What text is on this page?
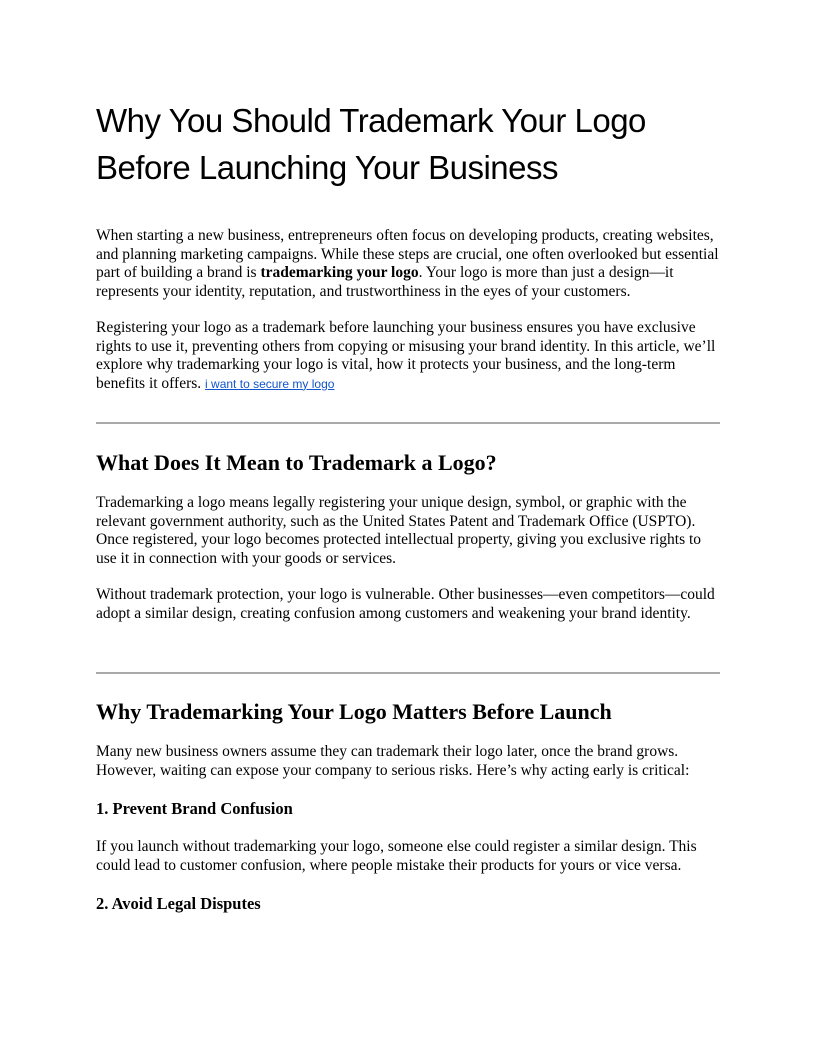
Why You Should Trademark Your Logo
Before Launching Your Business

When starting a new business, entrepreneurs often focus on developing products, creating websites, and planning marketing campaigns. While these steps are crucial, one often overlooked but essential part of building a brand is trademarking your logo. Your logo is more than just a design—it represents your identity, reputation, and trustworthiness in the eyes of your customers.

Registering your logo as a trademark before launching your business ensures you have exclusive rights to use it, preventing others from copying or misusing your brand identity. In this article, we’ll explore why trademarking your logo is vital, how it protects your business, and the long-term benefits it offers. i want to secure my logo

What Does It Mean to Trademark a Logo?

Trademarking a logo means legally registering your unique design, symbol, or graphic with the relevant government authority, such as the United States Patent and Trademark Office (USPTO). Once registered, your logo becomes protected intellectual property, giving you exclusive rights to use it in connection with your goods or services.

Without trademark protection, your logo is vulnerable. Other businesses—even competitors—could adopt a similar design, creating confusion among customers and weakening your brand identity.

Why Trademarking Your Logo Matters Before Launch

Many new business owners assume they can trademark their logo later, once the brand grows. However, waiting can expose your company to serious risks. Here’s why acting early is critical:

1. Prevent Brand Confusion

If you launch without trademarking your logo, someone else could register a similar design. This could lead to customer confusion, where people mistake their products for yours or vice versa.

2. Avoid Legal Disputes
